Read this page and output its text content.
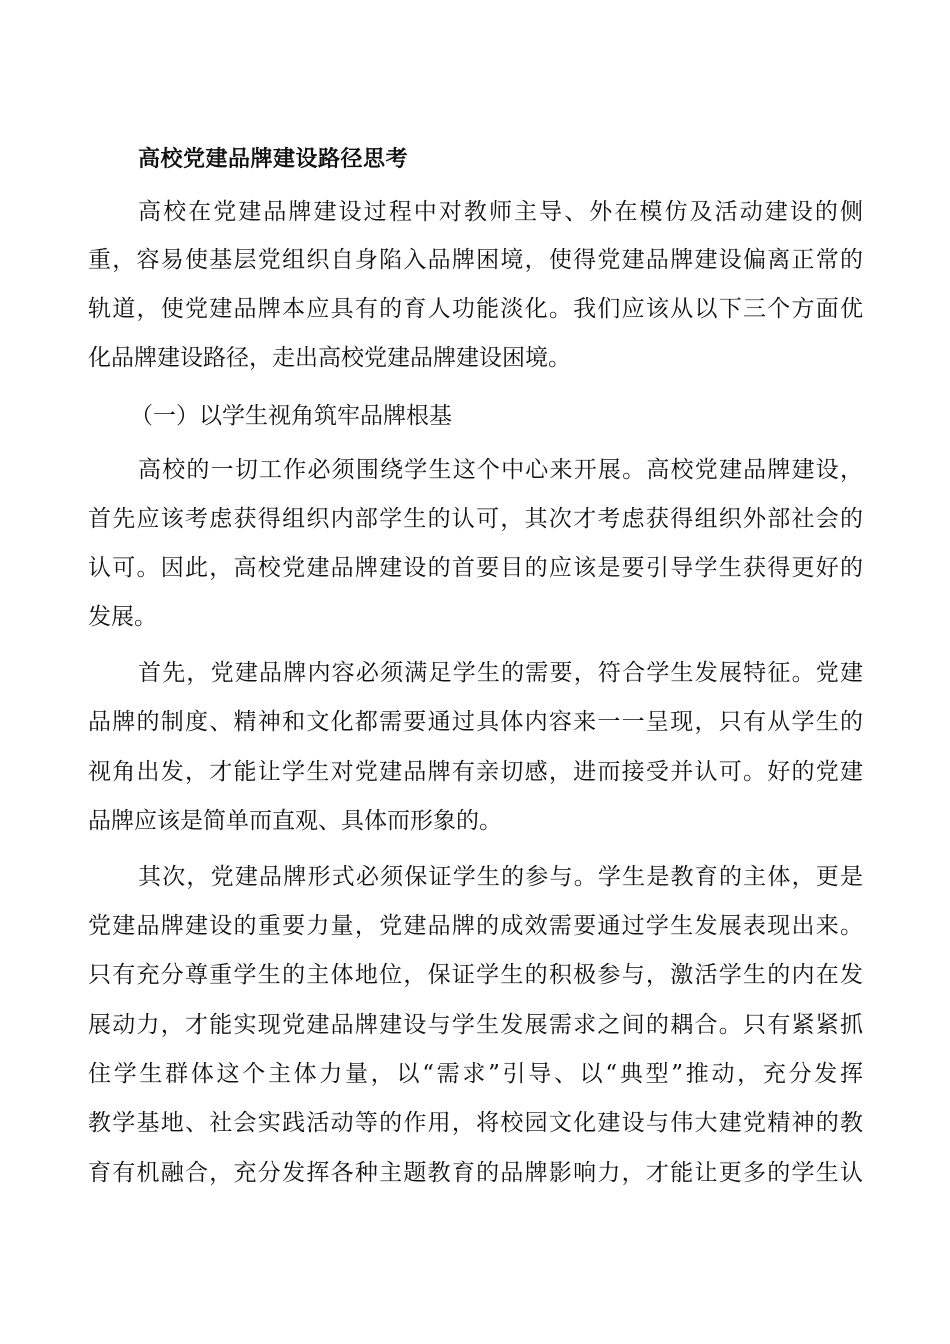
高校党建品牌建设路径思考
高校在党建品牌建设过程中对教师主导、外在模仿及活动建设的侧
重，容易使基层党组织自身陷入品牌困境，使得党建品牌建设偏离正常的
轨道，使党建品牌本应具有的育人功能淡化。我们应该从以下三个方面优
化品牌建设路径，走出高校党建品牌建设困境。
（一）以学生视角筑牢品牌根基
高校的一切工作必须围绕学生这个中心来开展。高校党建品牌建设，
首先应该考虑获得组织内部学生的认可，其次才考虑获得组织外部社会的
认可。因此，高校党建品牌建设的首要目的应该是要引导学生获得更好的
发展。
首先，党建品牌内容必须满足学生的需要，符合学生发展特征。党建
品牌的制度、精神和文化都需要通过具体内容来一一呈现，只有从学生的
视角出发，才能让学生对党建品牌有亲切感，进而接受并认可。好的党建
品牌应该是简单而直观、具体而形象的。
其次，党建品牌形式必须保证学生的参与。学生是教育的主体，更是
党建品牌建设的重要力量，党建品牌的成效需要通过学生发展表现出来。
只有充分尊重学生的主体地位，保证学生的积极参与，激活学生的内在发
展动力，才能实现党建品牌建设与学生发展需求之间的耦合。只有紧紧抓
住学生群体这个主体力量，以“需求”引导、以“典型”推动，充分发挥
教学基地、社会实践活动等的作用，将校园文化建设与伟大建党精神的教
育有机融合，充分发挥各种主题教育的品牌影响力，才能让更多的学生认
